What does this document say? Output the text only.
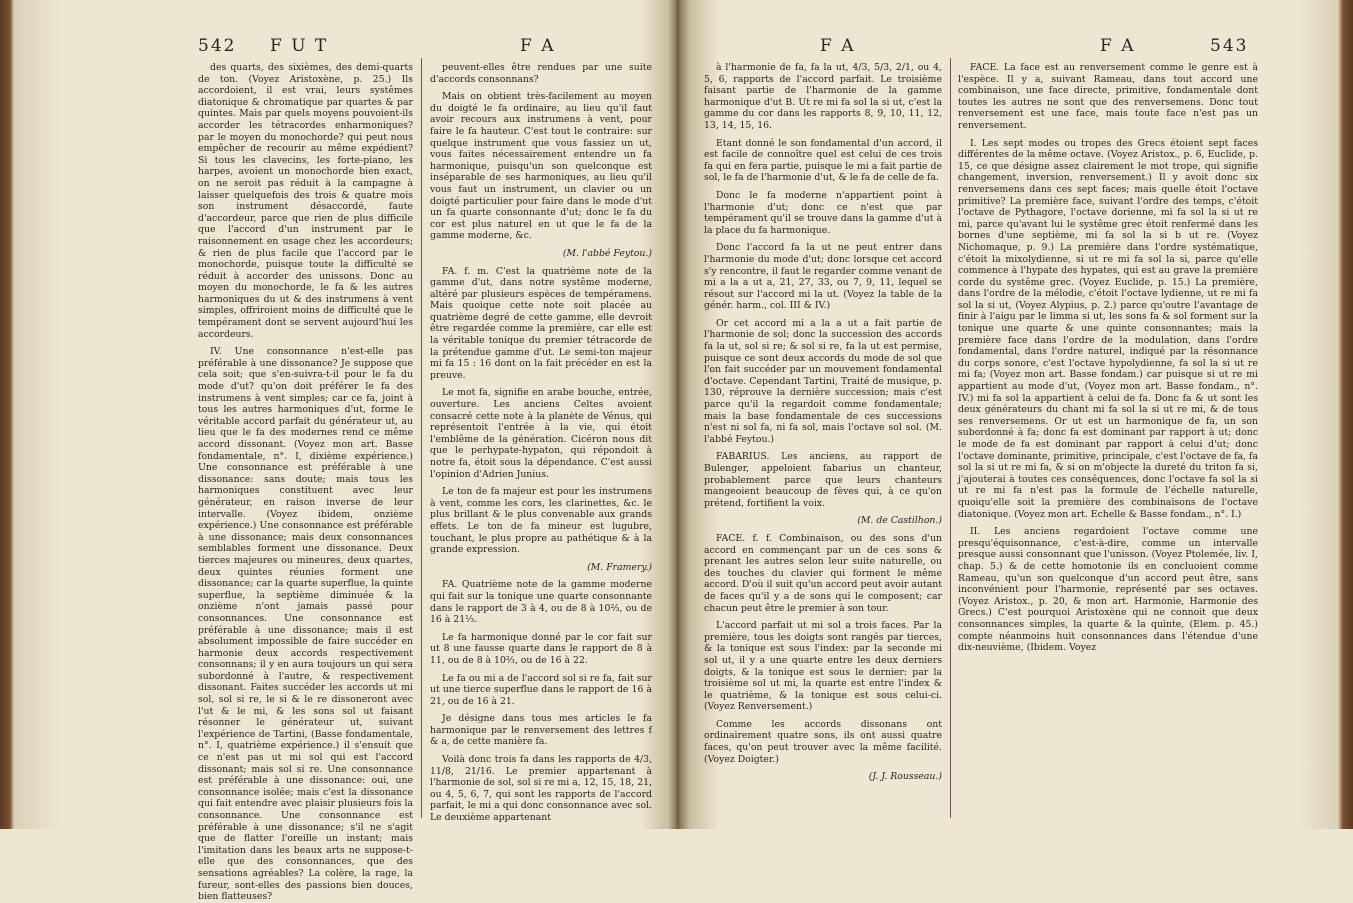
542 F U T	F A

des quarts, des sixièmes, des demi-quarts de ton. (Voyez Aristoxène, p. 25.) Ils accordoient, il est vrai, leurs systêmes diatonique & chromatique par quartes & par quintes. Mais par quels moyens pouvoient-ils accorder les tétracordes enharmoniques? par le moyen du monochorde? qui peut nous empêcher de recourir au même expédient? Si tous les clavecins, les forte-piano, les harpes, avoient un monochorde bien exact, on ne seroit pas réduit à la campagne à laisser quelquefois des trois & quatre mois son instrument désaccordé, faute d'accordeur, parce que rien de plus difficile que l'accord d'un instrument par le raisonnement en usage chez les accordeurs; & rien de plus facile que l'accord par le monochorde, puisque toute la difficulté se réduit à accorder des unissons. Donc au moyen du monochorde, le fa & les autres harmoniques du ut & des instrumens à vent simples, offriroient moins de difficulté que le tempérament dont se servent aujourd'hui les accordeurs.

IV. Une consonnance n'est-elle pas préférable à une dissonance? Je suppose que cela soit; que s'en-suivra-t-il pour le fa du mode d'ut? qu'on doit préférer le fa des instrumens à vent simples; car ce fa, joint à tous les autres harmoniques d'ut, forme le véritable accord parfait du générateur ut, au lieu que le fa des modernes rend ce même accord dissonant. (Voyez mon art. Basse fondamentale, n°. I, dixième expérience.) Une consonnance est préférable à une dissonance: sans doute; mais tous les harmoniques constituent avec leur générateur, en raison inverse de leur intervalle. (Voyez ibidem, onzième expérience.) Une consonnance est préférable à une dissonance; mais deux consonnances semblables forment une dissonance. Deux tierces majeures ou mineures, deux quartes, deux quintes réunies forment une dissonance; car la quarte superflue, la quinte superflue, la septième diminuée & la onzième n'ont jamais passé pour consonnances. Une consonnance est préférable à une dissonance; mais il est absolument impossible de faire succéder en harmonie deux accords respectivement consonnans; il y en aura toujours un qui sera subordonné à l'autre, & respectivement dissonant. Faites succéder les accords ut mi sol, sol si re, le si & le re dissoneront avec l'ut & le mi, & les sons sol ut faisant résonner le générateur ut, suivant l'expérience de Tartini, (Basse fondamentale, n°. I, quatrième expérience.) il s'ensuit que ce n'est pas ut mi sol qui est l'accord dissonant; mais sol si re. Une consonnance est préférable à une dissonance: oui, une consonnance isolée; mais c'est la dissonance qui fait entendre avec plaisir plusieurs fois la consonnance. Une consonnance est préférable à une dissonance; s'il ne s'agit que de flatter l'oreille un instant; mais l'imitation dans les beaux arts ne suppose-t-elle que des consonnances, que des sensations agréables? La colère, la rage, la fureur, sont-elles des passions bien douces, bien flatteuses?

peuvent-elles être rendues par une suite d'accords consonnans?

Mais on obtient très-facilement au moyen du doigté le fa ordinaire, au lieu qu'il faut avoir recours aux instrumens à vent, pour faire le fa hauteur. C'est tout le contraire: sur quelque instrument que vous fassiez un ut, vous faites nécessairement entendre un fa harmonique, puisqu'un son quelconque est inséparable de ses harmoniques, au lieu qu'il vous faut un instrument, un clavier ou un doigté particulier pour faire dans le mode d'ut un fa quarte consonnante d'ut; donc le fa du cor est plus naturel en ut que le fa de la gamme moderne, &c.

(M. l'abbé Feytou.)

FA. f. m. C'est la quatrième note de la gamme d'ut, dans notre systême moderne, altéré par plusieurs espèces de tempéramens. Mais quoique cette note soit placée au quatrième degré de cette gamme, elle devroit être regardée comme la première, car elle est la véritable tonique du premier tétracorde de la prétendue gamme d'ut. Le semi-ton majeur mi fa 15 : 16 dont on la fait précéder en est la preuve.

Le mot fa, signifie en arabe bouche, entrée, ouverture. Les anciens Celtes avoient consacré cette note à la planète de Vénus, qui représentoit l'entrée à la vie, qui étoit l'emblême de la génération. Cicéron nous dit que le perhypate-hypaton, qui répondoit à notre fa, étoit sous la dépendance. C'est aussi l'opinion d'Adrien Junius.

Le ton de fa majeur est pour les instrumens à vent, comme les cors, les clarinettes, &c. le plus brillant & le plus convenable aux grands effets. Le ton de fa mineur est lugubre, touchant, le plus propre au pathétique & à la grande expression.

(M. Framery.)

FA. Quatrième note de la gamme moderne qui fait sur la tonique une quarte consonnante dans le rapport de 3 à 4, ou de 8 à 10⅔, ou de 16 à 21⅓.

Le fa harmonique donné par le cor fait sur ut 8 une fausse quarte dans le rapport de 8 à 11, ou de 8 à 10⅔, ou de 16 à 22.

Le fa ou mi a de l'accord sol si re fa, fait sur ut une tierce superflue dans le rapport de 16 à 21, ou de 16 à 21.

Je désigne dans tous mes articles le fa harmonique par le renversement des lettres f & a, de cette manière fa.

Voilà donc trois fa dans les rapports de 4/3, 11/8, 21/16. Le premier appartenant à l'harmonie de sol, sol si re mi a, 12, 15, 18, 21, ou 4, 5, 6, 7, qui sont les rapports de l'accord parfait, le mi a qui donc consonnance avec sol. Le deuxième appartenant

F A	F A	543

à l'harmonie de fa, fa la ut, 4/3, 5/3, 2/1, ou 4, 5, 6, rapports de l'accord parfait. Le troisième faisant partie de l'harmonie de la gamme harmonique d'ut B. Ut re mi fa sol la si ut, c'est la gamme du cor dans les rapports 8, 9, 10, 11, 12, 13, 14, 15, 16.

Etant donné le son fondamental d'un accord, il est facile de connoître quel est celui de ces trois fa qui en fera partie, puisque le mi a fait partie de sol, le fa de l'harmonie d'ut, & le fa de celle de fa.

Donc le fa moderne n'appartient point à l'harmonie d'ut; donc ce n'est que par tempérament qu'il se trouve dans la gamme d'ut à la place du fa harmonique.

Donc l'accord fa la ut ne peut entrer dans l'harmonie du mode d'ut; donc lorsque cet accord s'y rencontre, il faut le regarder comme venant de mi a la a ut a, 21, 27, 33, ou 7, 9, 11, lequel se résout sur l'accord mi la ut. (Voyez la table de la génér. harm., col. III & IV.)

Or cet accord mi a la a ut a fait partie de l'harmonie de sol; donc la succession des accords fa la ut, sol si re; & sol si re, fa la ut est permise, puisque ce sont deux accords du mode de sol que l'on fait succéder par un mouvement fondamental d'octave. Cependant Tartini, Traité de musique, p. 130, réprouve la dernière succession; mais c'est parce qu'il la regardoit comme fondamentale; mais la base fondamentale de ces successions n'est ni sol fa, ni fa sol, mais l'octave sol sol. (M. l'abbé Feytou.)

FABARIUS. Les anciens, au rapport de Bulenger, appeloient fabarius un chanteur, probablement parce que leurs chanteurs mangeoient beaucoup de fèves qui, à ce qu'on prétend, fortifient la voix.

(M. de Castilhon.)

FACE. f. f. Combinaison, ou des sons d'un accord en commençant par un de ces sons & prenant les autres selon leur suite naturelle, ou des touches du clavier qui forment le même accord. D'où il suit qu'un accord peut avoir autant de faces qu'il y a de sons qui le composent; car chacun peut être le premier à son tour.

L'accord parfait ut mi sol a trois faces. Par la première, tous les doigts sont rangés par tierces, & la tonique est sous l'index: par la seconde mi sol ut, il y a une quarte entre les deux derniers doigts, & la tonique est sous le dernier: par la troisième sol ut mi, la quarte est entre l'index & le quatrième, & la tonique est sous celui-ci. (Voyez Renversement.)

Comme les accords dissonans ont ordinairement quatre sons, ils ont aussi quatre faces, qu'on peut trouver avec la même facilité. (Voyez Doigter.)

(J. J. Rousseau.)

FACE. La face est au renversement comme le genre est à l'espèce. Il y a, suivant Rameau, dans tout accord une combinaison, une face directe, primitive, fondamentale dont toutes les autres ne sont que des renversemens. Donc tout renversement est une face, mais toute face n'est pas un renversement.

I. Les sept modes ou tropes des Grecs étoient sept faces différentes de la même octave. (Voyez Aristox., p. 6, Euclide, p. 15, ce que désigne assez clairement le mot trope, qui signifie changement, inversion, renversement.) Il y avoit donc six renversemens dans ces sept faces; mais quelle étoit l'octave primitive? La première face, suivant l'ordre des temps, c'étoit l'octave de Pythagore, l'octave dorienne, mi fa sol la si ut re mi, parce qu'avant lui le systême grec étoit renfermé dans les bornes d'une septième, mi fa sol la si b ut re. (Voyez Nichomaque, p. 9.) La première dans l'ordre systématique, c'étoit la mixolydienne, si ut re mi fa sol la si, parce qu'elle commence à l'hypate des hypates, qui est au grave la première corde du systême grec. (Voyez Euclide, p. 15.) La première, dans l'ordre de la mélodie, c'étoit l'octave lydienne, ut re mi fa sol la si ut, (Voyez Alypius, p. 2.) parce qu'outre l'avantage de finir à l'aigu par le limma si ut, les sons fa & sol forment sur la tonique une quarte & une quinte consonnantes; mais la première face dans l'ordre de la modulation, dans l'ordre fondamental, dans l'ordre naturel, indiqué par la résonnance du corps sonore, c'est l'octave hypolydienne, fa sol la si ut re mi fa; (Voyez mon art. Basse fondam.) car puisque si ut re mi appartient au mode d'ut, (Voyez mon art. Basse fondam., n°. IV.) mi fa sol la appartient à celui de fa. Donc fa & ut sont les deux générateurs du chant mi fa sol la si ut re mi, & de tous ses renversemens. Or ut est un harmonique de fa, un son subordonné à fa; donc fa est dominant par rapport à ut; donc le mode de fa est dominant par rapport à celui d'ut; donc l'octave dominante, primitive, principale, c'est l'octave de fa, fa sol la si ut re mi fa, & si on m'objecte la dureté du triton fa si, j'ajouterai à toutes ces conséquences, donc l'octave fa sol la si ut re mi fa n'est pas la formule de l'échelle naturelle, quoiqu'elle soit la première des combinaisons de l'octave diatonique. (Voyez mon art. Echelle & Basse fondam., n°. I.)

II. Les anciens regardoient l'octave comme une presqu'équisonnance, c'est-à-dire, comme un intervalle presque aussi consonnant que l'unisson. (Voyez Ptolemée, liv. I, chap. 5.) & de cette homotonie ils en concluoient comme Rameau, qu'un son quelconque d'un accord peut être, sans inconvénient pour l'harmonie, représenté par ses octaves. (Voyez Aristox., p. 20, & mon art. Harmonie, Harmonie des Grecs.) C'est pourquoi Aristoxène qui ne connoit que deux consonnances simples, la quarte & la quinte, (Elem. p. 45.) compte néanmoins huit consonnances dans l'étendue d'une dix-neuvième, (Ibidem. Voyez
